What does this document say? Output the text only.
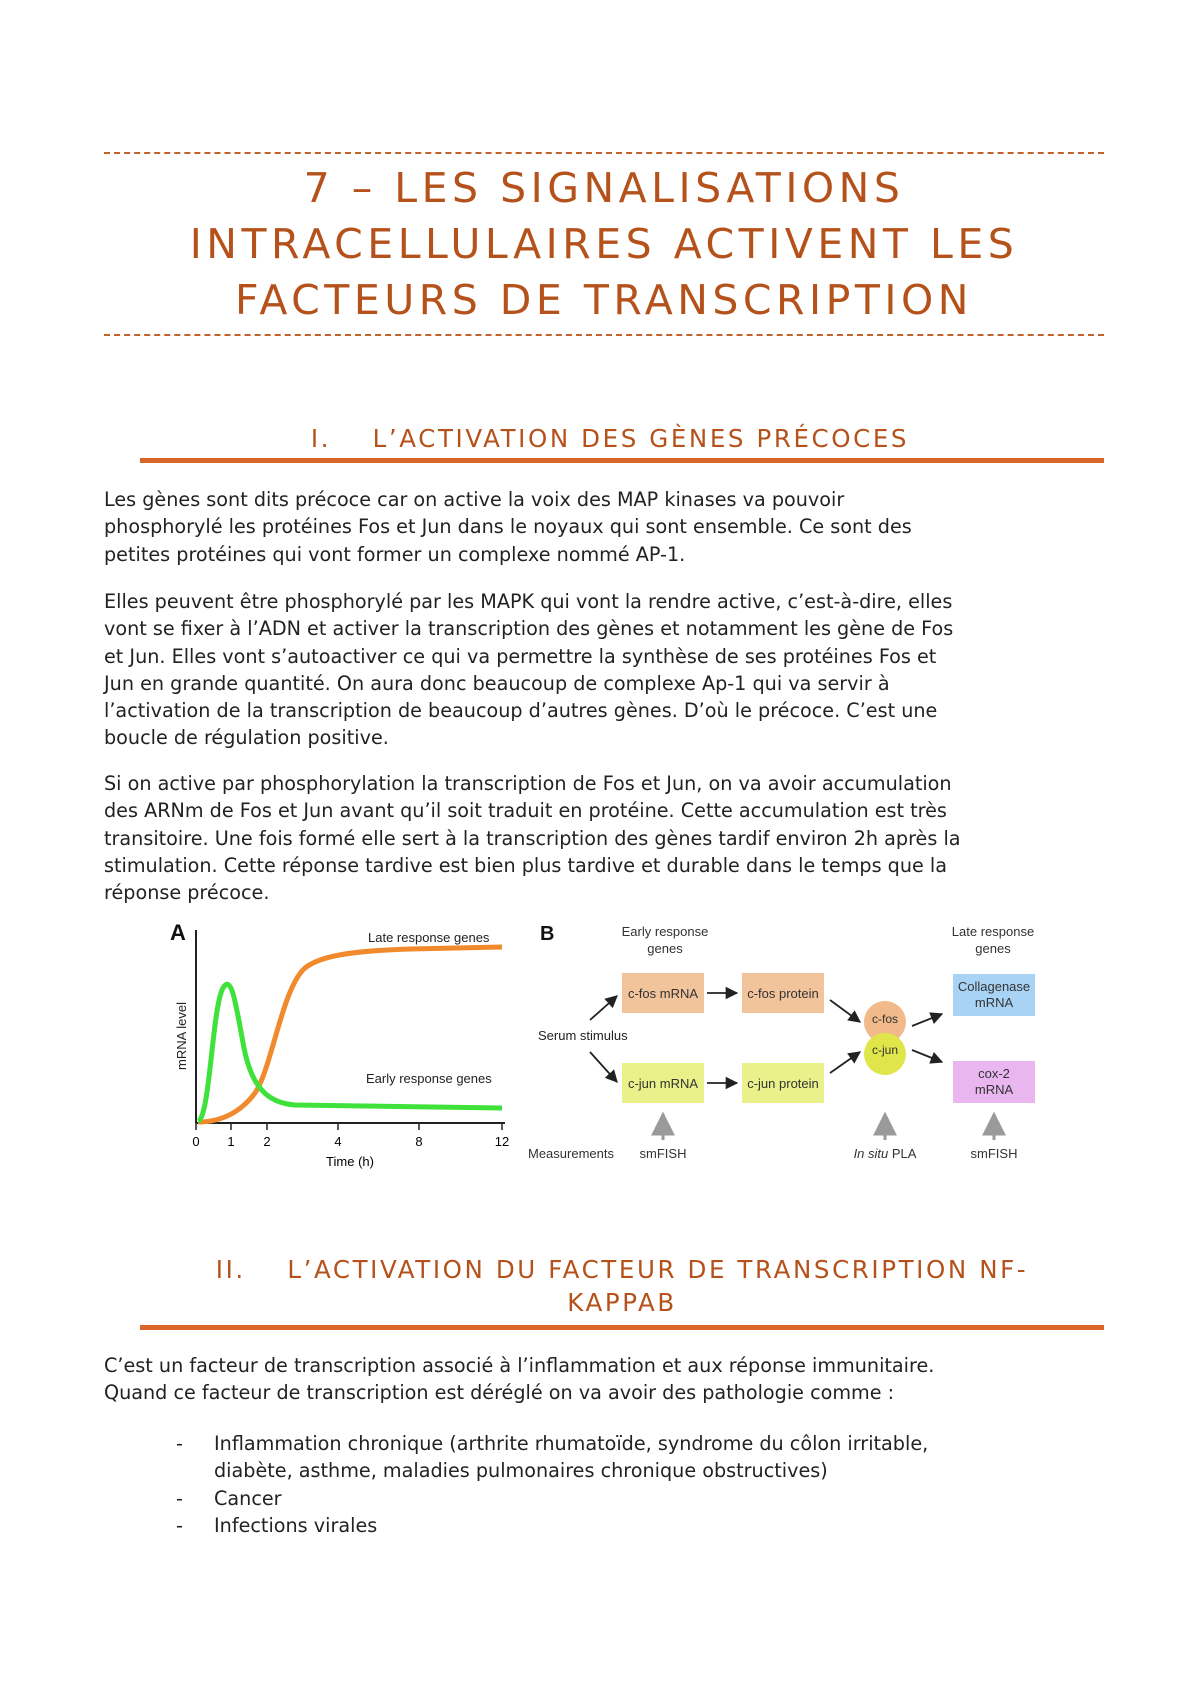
7 – LES SIGNALISATIONS
INTRACELLULAIRES ACTIVENT LES
FACTEURS DE TRANSCRIPTION
I.    L’ACTIVATION DES GÈNES PRÉCOCES
Les gènes sont dits précoce car on active la voix des MAP kinases va pouvoir
phosphorylé les protéines Fos et Jun dans le noyaux qui sont ensemble. Ce sont des
petites protéines qui vont former un complexe nommé AP-1.
Elles peuvent être phosphorylé par les MAPK qui vont la rendre active, c’est-à-dire, elles
vont se fixer à l’ADN et activer la transcription des gènes et notamment les gène de Fos
et Jun. Elles vont s’autoactiver ce qui va permettre la synthèse de ses protéines Fos et
Jun en grande quantité. On aura donc beaucoup de complexe Ap-1 qui va servir à
l’activation de la transcription de beaucoup d’autres gènes. D’où le précoce. C’est une
boucle de régulation positive.
Si on active par phosphorylation la transcription de Fos et Jun, on va avoir accumulation
des ARNm de Fos et Jun avant qu’il soit traduit en protéine. Cette accumulation est très
transitoire. Une fois formé elle sert à la transcription des gènes tardif environ 2h après la
stimulation. Cette réponse tardive est bien plus tardive et durable dans le temps que la
réponse précoce.
A
mRNA level
0 1 2	4	8	12
Time (h)
Late response genes
Early response genes
B	Early response
genes
Late response
genes
Serum stimulus
c-fos mRNA	c-fos protein
c-jun mRNA	c-jun protein
c-fos
c-jun
Collagenase
mRNA
cox-2
mRNA
Measurements smFISH	In situ PLA	smFISH
II.    L’ACTIVATION DU FACTEUR DE TRANSCRIPTION NF-
KAPPAB
C’est un facteur de transcription associé à l’inflammation et aux réponse immunitaire.
Quand ce facteur de transcription est déréglé on va avoir des pathologie comme :
- Inflammation chronique (arthrite rhumatoïde, syndrome du côlon irritable,
diabète, asthme, maladies pulmonaires chronique obstructives)
- Cancer
- Infections virales
